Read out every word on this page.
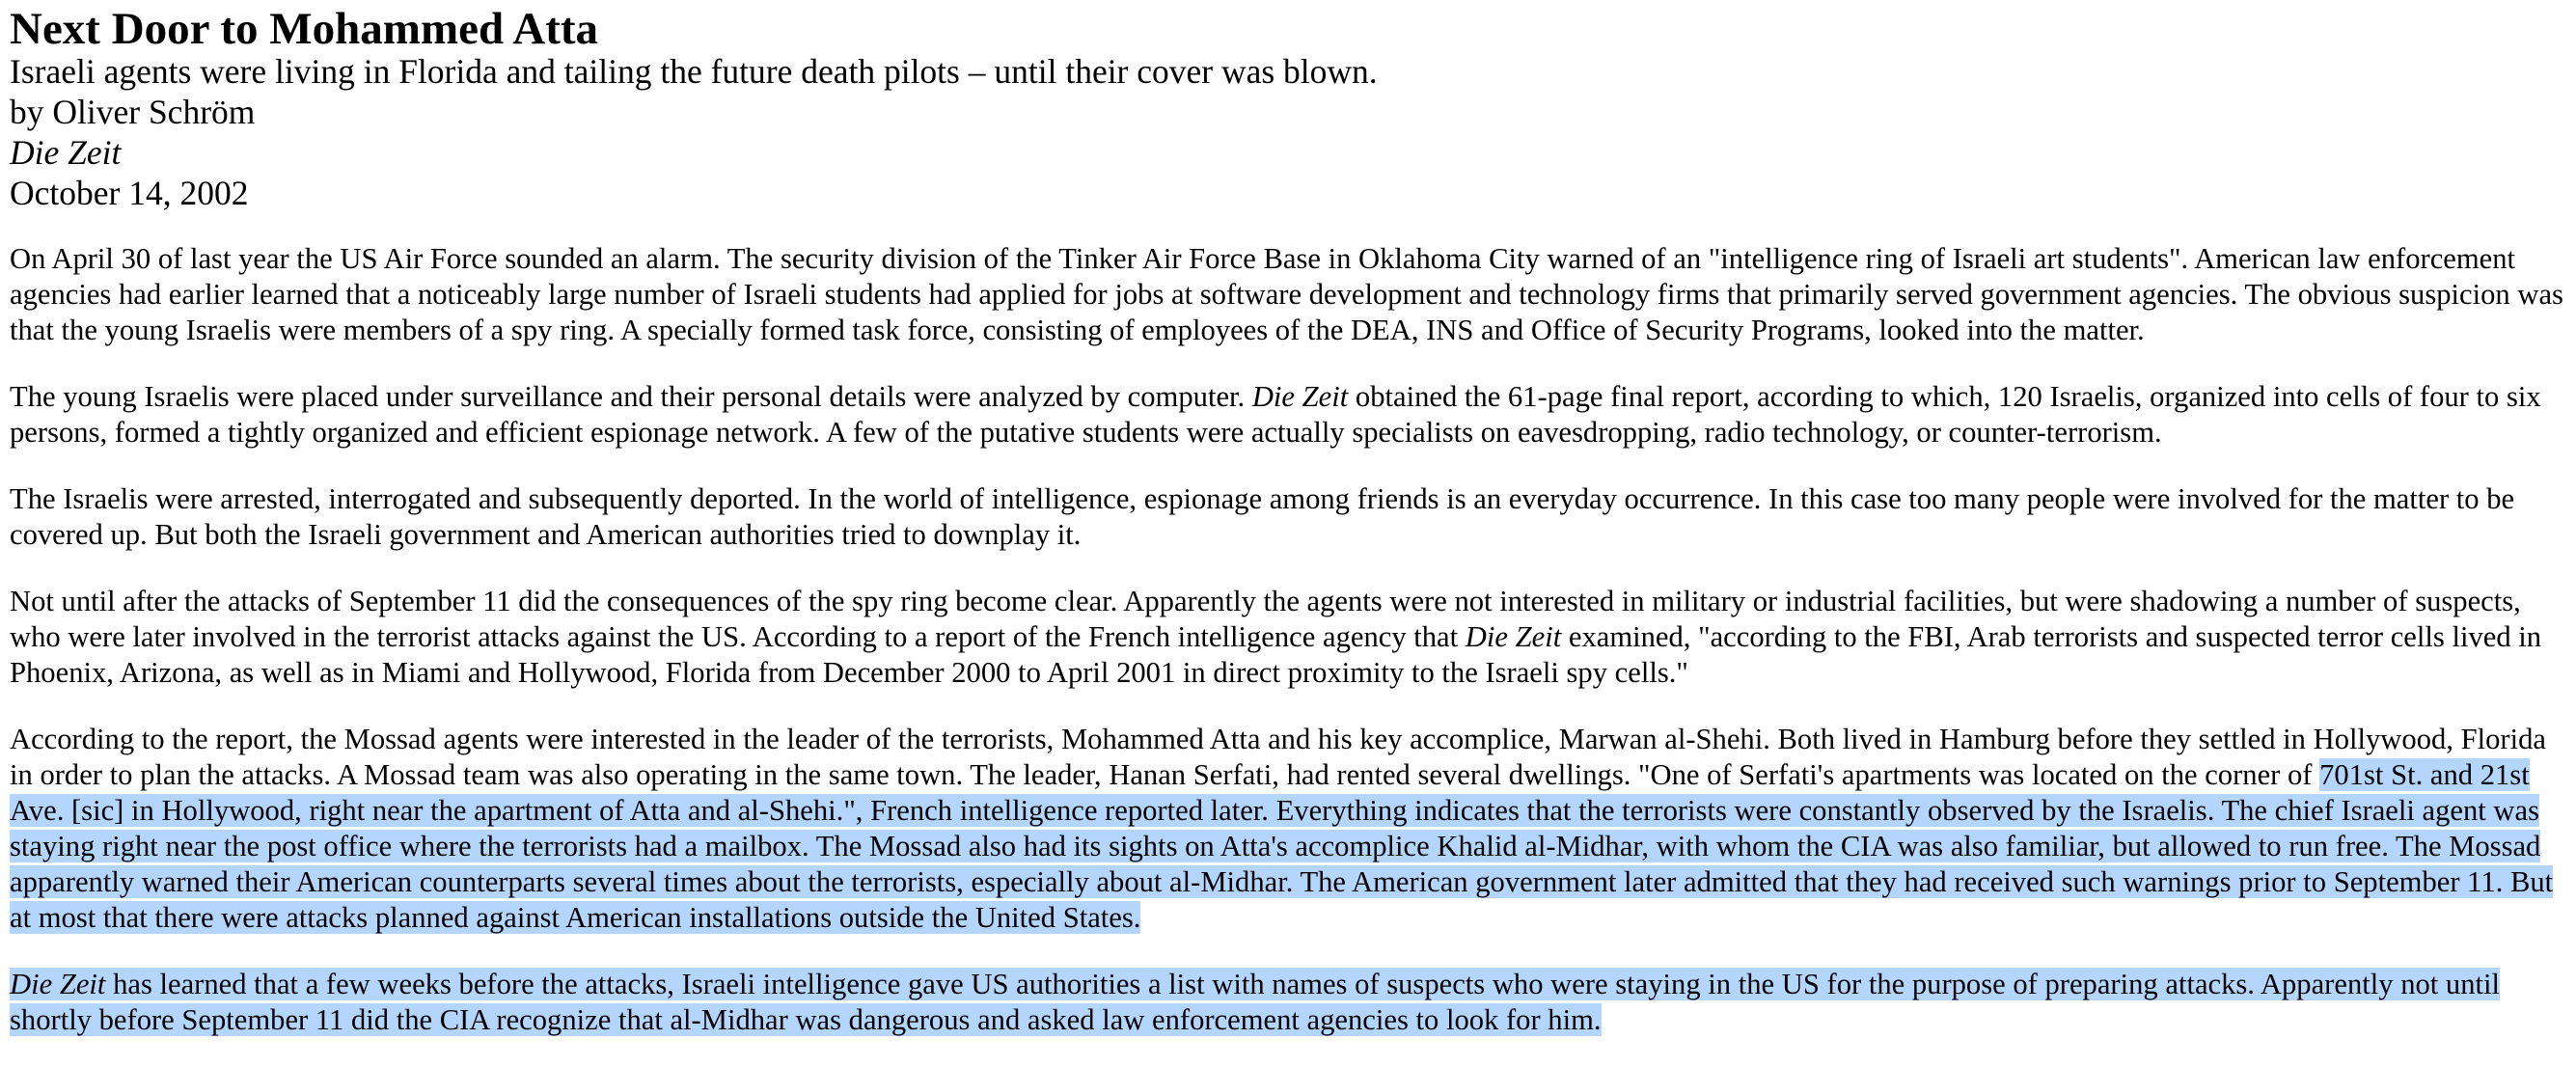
Next Door to Mohammed Atta
Israeli agents were living in Florida and tailing the future death pilots – until their cover was blown.
by Oliver Schröm
Die Zeit
October 14, 2002

On April 30 of last year the US Air Force sounded an alarm. The security division of the Tinker Air Force Base in Oklahoma City warned of an "intelligence ring of Israeli art students". American law enforcement agencies had earlier learned that a noticeably large number of Israeli students had applied for jobs at software development and technology firms that primarily served government agencies. The obvious suspicion was that the young Israelis were members of a spy ring. A specially formed task force, consisting of employees of the DEA, INS and Office of Security Programs, looked into the matter.

The young Israelis were placed under surveillance and their personal details were analyzed by computer. Die Zeit obtained the 61-page final report, according to which, 120 Israelis, organized into cells of four to six persons, formed a tightly organized and efficient espionage network. A few of the putative students were actually specialists on eavesdropping, radio technology, or counter-terrorism.

The Israelis were arrested, interrogated and subsequently deported. In the world of intelligence, espionage among friends is an everyday occurrence. In this case too many people were involved for the matter to be covered up. But both the Israeli government and American authorities tried to downplay it.

Not until after the attacks of September 11 did the consequences of the spy ring become clear. Apparently the agents were not interested in military or industrial facilities, but were shadowing a number of suspects, who were later involved in the terrorist attacks against the US. According to a report of the French intelligence agency that Die Zeit examined, "according to the FBI, Arab terrorists and suspected terror cells lived in Phoenix, Arizona, as well as in Miami and Hollywood, Florida from December 2000 to April 2001 in direct proximity to the Israeli spy cells."

According to the report, the Mossad agents were interested in the leader of the terrorists, Mohammed Atta and his key accomplice, Marwan al-Shehi. Both lived in Hamburg before they settled in Hollywood, Florida in order to plan the attacks. A Mossad team was also operating in the same town. The leader, Hanan Serfati, had rented several dwellings. "One of Serfati's apartments was located on the corner of 701st St. and 21st Ave. [sic] in Hollywood, right near the apartment of Atta and al-Shehi.", French intelligence reported later. Everything indicates that the terrorists were constantly observed by the Israelis. The chief Israeli agent was staying right near the post office where the terrorists had a mailbox. The Mossad also had its sights on Atta's accomplice Khalid al-Midhar, with whom the CIA was also familiar, but allowed to run free. The Mossad apparently warned their American counterparts several times about the terrorists, especially about al-Midhar. The American government later admitted that they had received such warnings prior to September 11. But at most that there were attacks planned against American installations outside the United States.

Die Zeit has learned that a few weeks before the attacks, Israeli intelligence gave US authorities a list with names of suspects who were staying in the US for the purpose of preparing attacks. Apparently not until shortly before September 11 did the CIA recognize that al-Midhar was dangerous and asked law enforcement agencies to look for him.
